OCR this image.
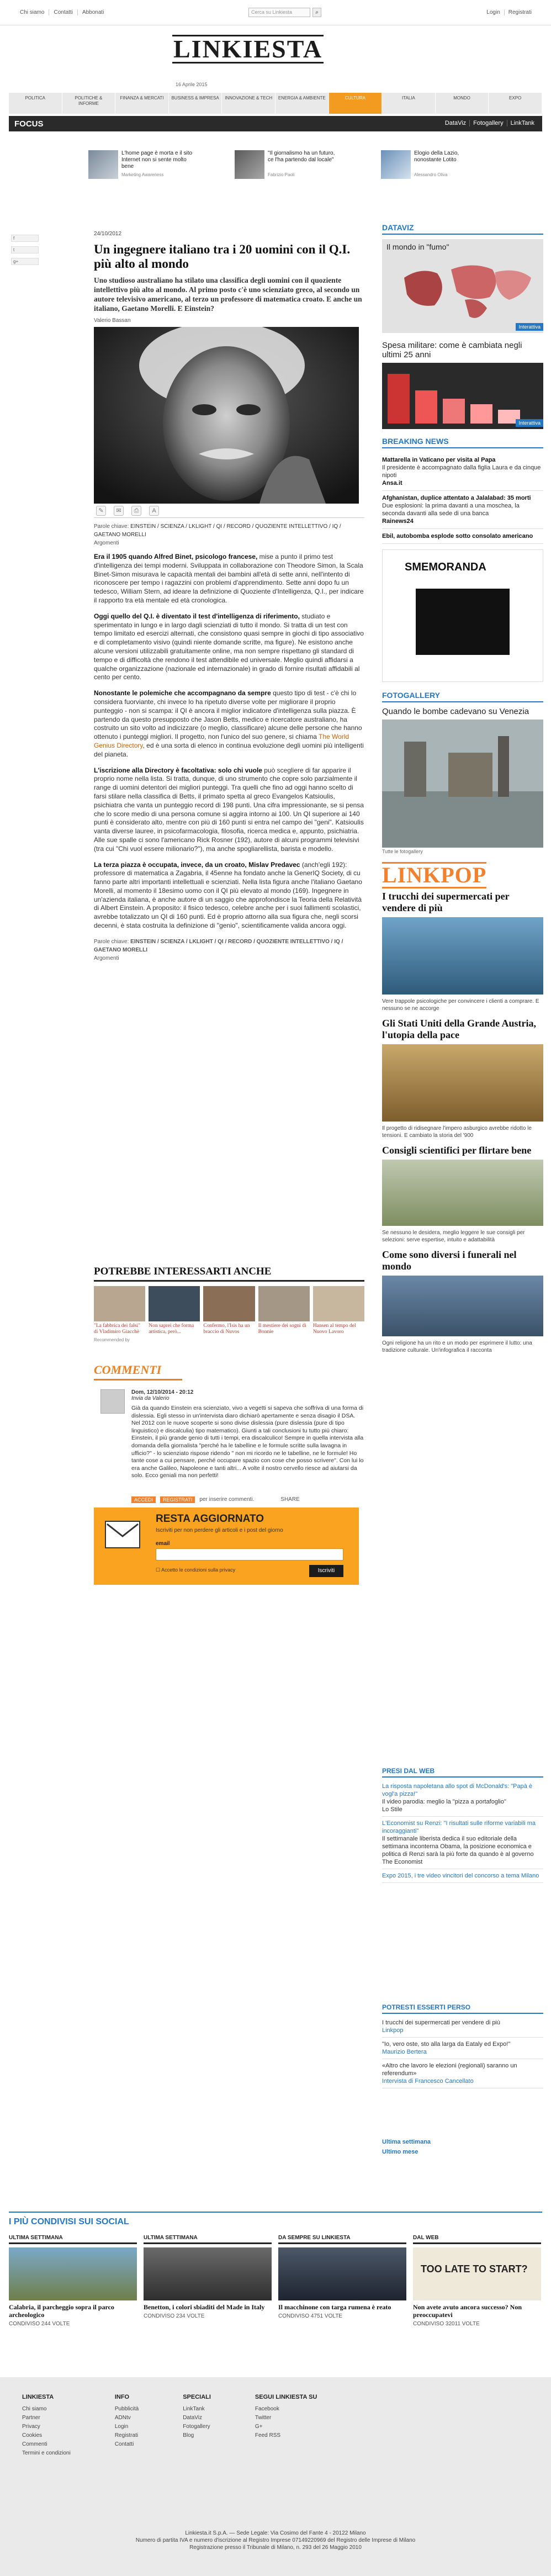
Chi siamo	Contatti	Abbonati	Cerca su Linkiesta	⌕	Login	Registrati
LINKIESTA
16 Aprile 2015
POLITICA	POLITICHE & INFORME
FINANZA & MERCATI	BUSINESS & IMPRESA	INNOVAZIONE & TECH	ENERGIA & AMBIENTE	CULTURA	ITALIA	MONDO	EXPO
FOCUS	DataViz	Fotogallery	LinkTank
L'home page è morta e il sito Internet non si sente molto bene
Marketing Awareness
"Il giornalismo ha un futuro, ce l'ha partendo dal locale"
Fabrizio Paoli
Elogio della Lazio, nonostante Lotito
Alessandro Oliva
f
t
g+
24/10/2012
Un ingegnere italiano tra i 20 uomini con il Q.I. più alto al mondo
Uno studioso australiano ha stilato una classifica degli uomini con il quoziente intellettivo più alto al mondo. Al primo posto c'è uno scienziato greco, al secondo un autore televisivo americano, al terzo un professore di matematica croato. E anche un italiano, Gaetano Morelli. E Einstein?
Valerio Bassan
✎	✉	⎙	A
Parole chiave: EINSTEIN / SCIENZA / LKLIGHT / QI / RECORD / QUOZIENTE INTELLETTIVO / IQ / GAETANO MORELLI
Argomenti

Era il 1905 quando Alfred Binet, psicologo francese, mise a punto il primo test d'intelligenza dei tempi moderni. Sviluppata in collaborazione con Theodore Simon, la Scala Binet-Simon misurava le capacità mentali dei bambini all'età di sette anni, nell'intento di riconoscere per tempo i ragazzini con problemi d'apprendimento. Sette anni dopo fu un tedesco, William Stern, ad ideare la definizione di Quoziente d'Intelligenza, Q.I., per indicare il rapporto tra età mentale ed età cronologica.

Oggi quello del Q.I. è diventato il test d'intelligenza di riferimento, studiato e sperimentato in lungo e in largo dagli scienziati di tutto il mondo. Si tratta di un test con tempo limitato ed esercizi alternati, che consistono quasi sempre in giochi di tipo associativo e di completamento visivo (quindi niente domande scritte, ma figure). Ne esistono anche alcune versioni utilizzabili gratuitamente online, ma non sempre rispettano gli standard di tempo e di difficoltà che rendono il test attendibile ed universale. Meglio quindi affidarsi a qualche organizzazione (nazionale ed internazionale) in grado di fornire risultati affidabili al cento per cento.

Nonostante le polemiche che accompagnano da sempre questo tipo di test - c'è chi lo considera fuorviante, chi invece lo ha ripetuto diverse volte per migliorare il proprio punteggio - non si scampa: il QI è ancora il miglior indicatore d'intelligenza sulla piazza. È partendo da questo presupposto che Jason Betts, medico e ricercatore australiano, ha costruito un sito volto ad indicizzare (o meglio, classificare) alcune delle persone che hanno ottenuto i punteggi migliori. Il progetto, non l'unico del suo genere, si chiama The World Genius Directory, ed è una sorta di elenco in continua evoluzione degli uomini più intelligenti del pianeta.

L'iscrizione alla Directory è facoltativa: solo chi vuole può scegliere di far apparire il proprio nome nella lista. Si tratta, dunque, di uno strumento che copre solo parzialmente il range di uomini detentori dei migliori punteggi. Tra quelli che fino ad oggi hanno scelto di farsi stilare nella classifica di Betts, il primato spetta al greco Evangelos Katsioulis, psichiatra che vanta un punteggio record di 198 punti. Una cifra impressionante, se si pensa che lo score medio di una persona comune si aggira intorno ai 100. Un QI superiore ai 140 punti è considerato alto, mentre con più di 160 punti si entra nel campo dei "geni". Katsioulis vanta diverse lauree, in psicofarmacologia, filosofia, ricerca medica e, appunto, psichiatria. Alle sue spalle ci sono l'americano Rick Rosner (192), autore di alcuni programmi televisivi (tra cui "Chi vuol essere milionario?"), ma anche spogliarellista, barista e modello.

La terza piazza è occupata, invece, da un croato, Mislav Predavec (anch'egli 192): professore di matematica a Zagabria, il 45enne ha fondato anche la GenerIQ Society, di cu fanno parte altri importanti intellettuali e scienziati. Nella lista figura anche l'italiano Gaetano Morelli, al momento il 18esimo uomo con il QI più elevato al mondo (169). Ingegnere in un'azienda italiana, è anche autore di un saggio che approfondisce la Teoria della Relatività di Albert Einstein. A proposito: il fisico tedesco, celebre anche per i suoi fallimenti scolastici, avrebbe totalizzato un QI di 160 punti. Ed è proprio attorno alla sua figura che, negli scorsi decenni, è stata costruita la definizione di "genio", scientificamente valida ancora oggi.

Parole chiave: EINSTEIN / SCIENZA / LKLIGHT / QI / RECORD / QUOZIENTE INTELLETTIVO / IQ / GAETANO MORELLI
Argomenti
POTREBBE INTERESSARTI ANCHE
"La fabbrica dei falsi" di Vladimiro Giacchè
Non saprei che forma artistica, però...
Confermo, l'Isis ha un braccio di Nuvos
Il mestiere dei sogni di Bonnie
Hansen al tempo del Nuovo Lavoro
Recommended by
COMMENTI
Dom, 12/10/2014 - 20:12
Invia da Valerio
Già da quando Einstein era scienziato, vivo a vegetti si sapeva che soffriva di una forma di dislessia. Egli stesso in un'intervista diaro dichiarò apertamente e senza disagio il DSA. Nel 2012 con le nuove scoperte si sono divise dislessia (pure dislessia (pure di tipo linguistico) e discalculia) tipo matematico). Giunti a tali conclusioni tu tutto più chiaro: Einstein, il più grande genio di tutti i tempi, era discalculico! Sempre in quella intervista alla domanda della giornalista "perché ha le tabelline e le formule scritte sulla lavagna in ufficio?" - lo scienziato rispose ridendo " non mi ricordo ne le tabelline, ne le formule! Ho tante cose a cui pensare, perché occupare spazio con cose che posso scrivere". Con lui lo era anche Galileo, Napoleone e tanti altri... A volte il nostro cervello riesce ad aiutarsi da solo. Ecco geniali ma non perfetti!
ACCEDI	REGISTRATI	per inserire commenti.	SHARE
RESTA AGGIORNATO
Iscriviti per non perdere gli articoli e i post del giorno
email
☐ Accetto le condizioni sulla privacy	Iscriviti
DATAVIZ
Il mondo in "fumo"
Interattiva
Spesa militare: come è cambiata negli ultimi 25 anni
Interattiva
BREAKING NEWS
Mattarella in Vaticano per visita al Papa
Il presidente è accompagnato dalla figlia Laura e da cinque nipoti
Ansa.it
Afghanistan, duplice attentato a Jalalabad: 35 morti
Due esplosioni: la prima davanti a una moschea, la seconda davanti alla sede di una banca
Rainews24
Ebil, autobomba esplode sotto consolato americano
SMEMORANDA
FOTOGALLERY
Quando le bombe cadevano su Venezia
Tutte le fotogallery
LINKPOP
I trucchi dei supermercati per vendere di più
Vere trappole psicologiche per convincere i clienti a comprare. E nessuno se ne accorge
Gli Stati Uniti della Grande Austria, l'utopia della pace
Il progetto di ridisegnare l'impero asburgico avrebbe ridotto le tensioni. E cambiato la storia del '900
Consigli scientifici per flirtare bene
Se nessuno le desidera, meglio leggere le sue consigli per selezioni: serve espertise, intuito e adattabilità
Come sono diversi i funerali nel mondo
Ogni religione ha un rito e un modo per esprimere il lutto: una tradizione culturale. Un'infografica il racconta
PRESI DAL WEB
La risposta napoletana allo spot di McDonald's: "Papà è vogl'a pizza!"
Il video parodia: meglio la "pizza a portafoglio"
Lo Stile
L'Economist su Renzi: "I risultati sulle riforme variabili ma incoraggianti"
Il settimanale liberista dedica il suo editoriale della settimana inconterna Obama, la posizione economica e politica di Renzi sarà la più forte da quando è al governo
The Economist
Expo 2015, i tre video vincitori del concorso a tema Milano
POTRESTI ESSERTI PERSO
I trucchi dei supermercati per vendere di più
Linkpop
"Io, vero oste, sto alla larga da Eataly ed Expo!"
Maurizio Bertera
«Altro che lavoro le elezioni (regionali) saranno un referendum»
Intervista di Francesco Cancellato
Ultima settimana
Ultimo mese
I PIÙ CONDIVISI SUI SOCIAL
ULTIMA SETTIMANA
Calabria, il parcheggio sopra il parco archeologico
CONDIVISO 244 VOLTE
ULTIMA SETTIMANA
Benetton, i colori sbiaditi del Made in Italy
CONDIVISO 234 VOLTE
DA SEMPRE SU LINKIESTA
Il macchinone con targa rumena è reato
CONDIVISO 4751 VOLTE
DAL WEB
TOO LATE TO START?
Non avete avuto ancora successo? Non preoccupatevi
CONDIVISO 32011 VOLTE
LINKIESTA
Chi siamo
Partner
Privacy
Cookies
Commenti
Termini e condizioni
INFO
Pubblicità
ADNtv
Login
Registrati
Contatti
SPECIALI
LinkTank
DataViz
Fotogallery
Blog
SEGUI LINKIESTA SU
Facebook
Twitter
G+
Feed RSS
Linkiesta.it S.p.A. — Sede Legale: Via Cosimo del Fante 4 - 20122 Milano
Numero di partita IVA e numero d'iscrizione al Registro Imprese 07149220969 del Registro delle Imprese di Milano
Registrazione presso il Tribunale di Milano, n. 293 del 26 Maggio 2010
